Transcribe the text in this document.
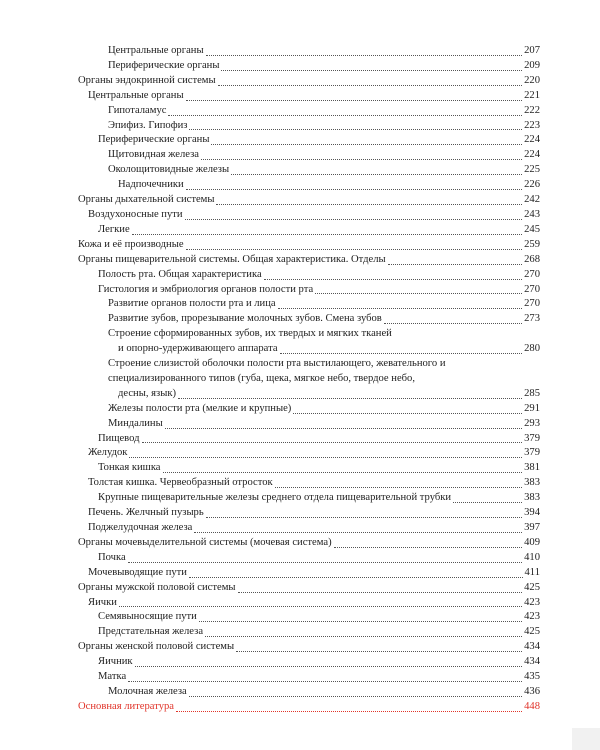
Центральные органы	207
Периферические органы	209
Органы эндокринной системы	220
Центральные органы	221
Гипоталамус	222
Эпифиз. Гипофиз	223
Периферические органы	224
Щитовидная железа	224
Околощитовидные железы	225
Надпочечники	226
Органы дыхательной системы	242
Воздухоносные пути	243
Легкие	245
Кожа и её производные	259
Органы пищеварительной системы. Общая характеристика. Отделы	268
Полость рта. Общая характеристика	270
Гистология и эмбриология органов полости рта	270
Развитие органов полости рта и лица	270
Развитие зубов, прорезывание молочных зубов. Смена зубов	273
Строение сформированных зубов, их твердых и мягких тканей
и опорно-удерживающего аппарата	280
Строение слизистой оболочки полости рта выстилающего, жевательного и специализированного типов (губа, щека, мягкое небо, твердое небо,
десны, язык)	285
Железы полости рта (мелкие и крупные)	291
Миндалины	293
Пищевод	379
Желудок	379
Тонкая кишка	381
Толстая кишка. Червеобразный отросток	383
Крупные пищеварительные железы среднего отдела пищеварительной трубки	383
Печень. Желчный пузырь	394
Поджелудочная железа	397
Органы мочевыделительной системы (мочевая система)	409
Почка	410
Мочевыводящие пути	411
Органы мужской половой системы	425
Яички	423
Семявыносящие пути	423
Предстательная железа	425
Органы женской половой системы	434
Яичник	434
Матка	435
Молочная железа	436
Основная литература	448
